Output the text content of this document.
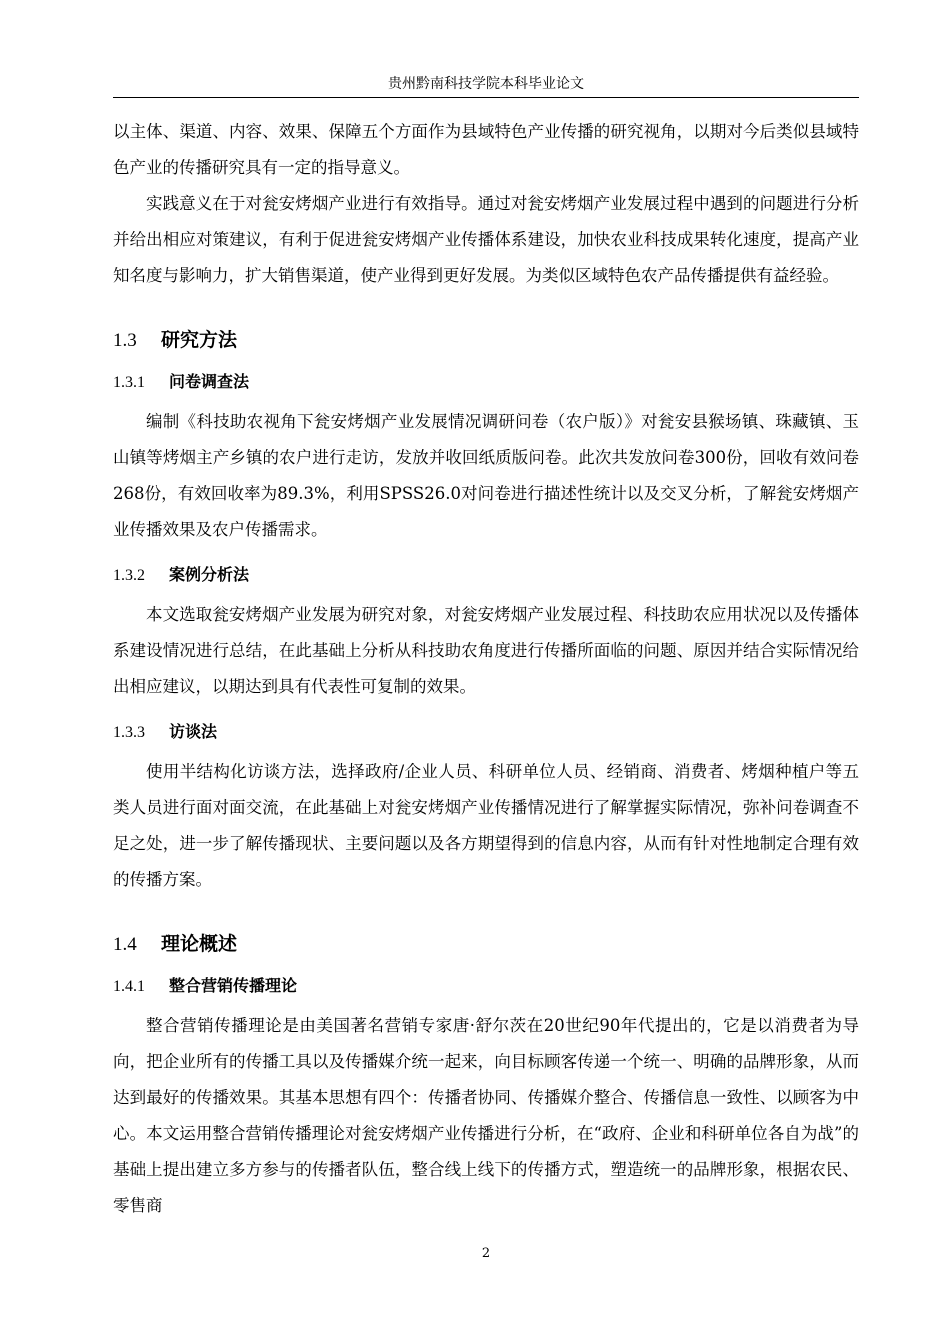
贵州黔南科技学院本科毕业论文

以主体、渠道、内容、效果、保障五个方面作为县域特色产业传播的研究视角，以期对今后类似县域特色产业的传播研究具有一定的指导意义。

实践意义在于对瓮安烤烟产业进行有效指导。通过对瓮安烤烟产业发展过程中遇到的问题进行分析并给出相应对策建议，有利于促进瓮安烤烟产业传播体系建设，加快农业科技成果转化速度，提高产业知名度与影响力，扩大销售渠道，使产业得到更好发展。为类似区域特色农产品传播提供有益经验。

1.3 研究方法
1.3.1 问卷调查法

编制《科技助农视角下瓮安烤烟产业发展情况调研问卷（农户版）》对瓮安县猴场镇、珠藏镇、玉山镇等烤烟主产乡镇的农户进行走访，发放并收回纸质版问卷。此次共发放问卷300份，回收有效问卷268份，有效回收率为89.3%，利用SPSS26.0对问卷进行描述性统计以及交叉分析，了解瓮安烤烟产业传播效果及农户传播需求。

1.3.2 案例分析法

本文选取瓮安烤烟产业发展为研究对象，对瓮安烤烟产业发展过程、科技助农应用状况以及传播体系建设情况进行总结，在此基础上分析从科技助农角度进行传播所面临的问题、原因并结合实际情况给出相应建议，以期达到具有代表性可复制的效果。

1.3.3 访谈法

使用半结构化访谈方法，选择政府/企业人员、科研单位人员、经销商、消费者、烤烟种植户等五类人员进行面对面交流，在此基础上对瓮安烤烟产业传播情况进行了解掌握实际情况，弥补问卷调查不足之处，进一步了解传播现状、主要问题以及各方期望得到的信息内容，从而有针对性地制定合理有效的传播方案。

1.4 理论概述
1.4.1 整合营销传播理论

整合营销传播理论是由美国著名营销专家唐·舒尔茨在20世纪90年代提出的，它是以消费者为导向，把企业所有的传播工具以及传播媒介统一起来，向目标顾客传递一个统一、明确的品牌形象，从而达到最好的传播效果。其基本思想有四个：传播者协同、传播媒介整合、传播信息一致性、以顾客为中心。本文运用整合营销传播理论对瓮安烤烟产业传播进行分析，在“政府、企业和科研单位各自为战”的基础上提出建立多方参与的传播者队伍，整合线上线下的传播方式，塑造统一的品牌形象，根据农民、零售商

2
